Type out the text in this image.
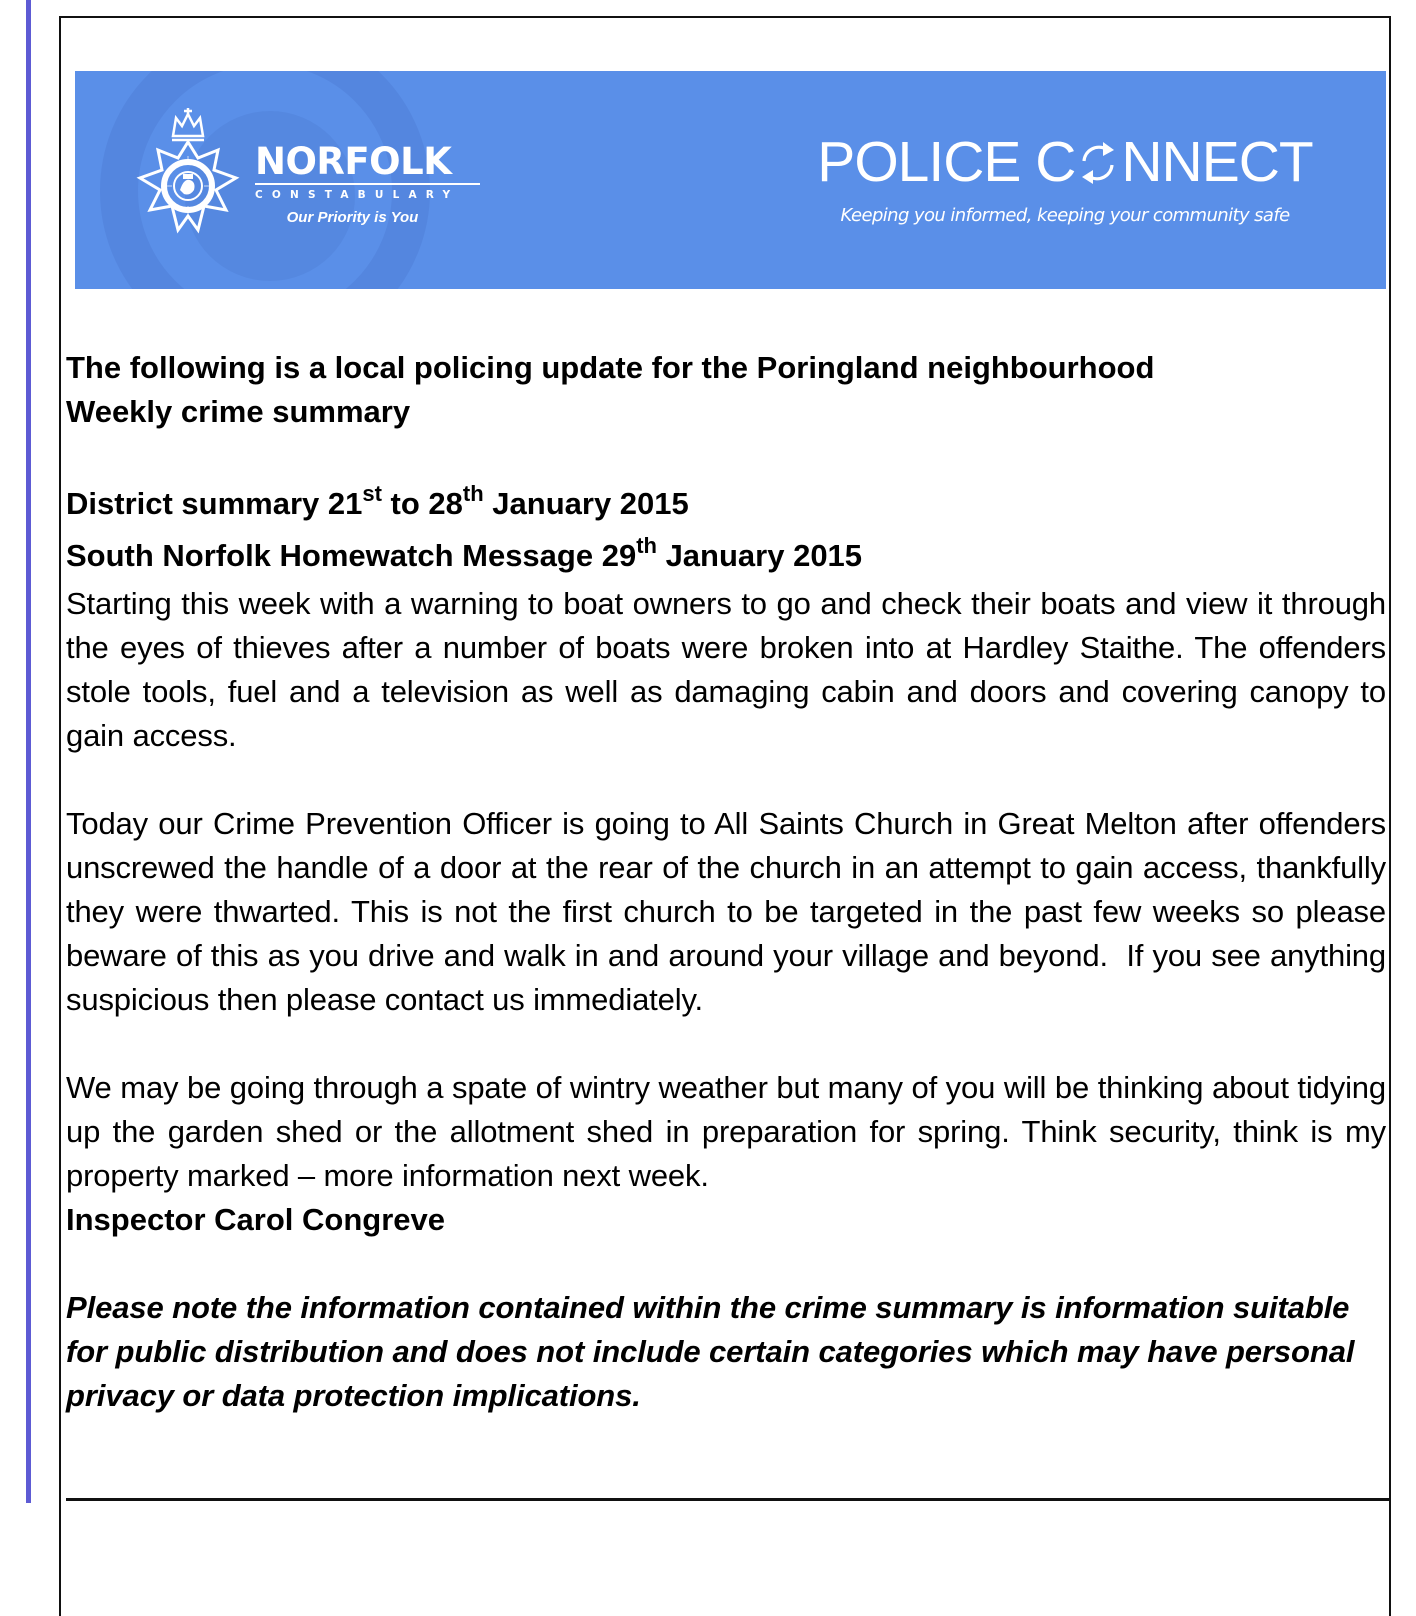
NORFOLK
CONSTABULARY
Our Priority is You
POLICE C NNECT
Keeping you informed, keeping your community safe
The following is a local policing update for the Poringland neighbourhood
Weekly crime summary
District summary 21st to 28th January 2015
South Norfolk Homewatch Message 29th January 2015

Starting this week with a warning to boat owners to go and check their boats and view it through the eyes of thieves after a number of boats were broken into at Hardley Staithe. The offenders stole tools, fuel and a television as well as damaging cabin and doors and covering canopy to gain access.

Today our Crime Prevention Officer is going to All Saints Church in Great Melton after offenders unscrewed the handle of a door at the rear of the church in an attempt to gain access, thankfully they were thwarted. This is not the first church to be targeted in the past few weeks so please beware of this as you drive and walk in and around your village and beyond.  If you see anything suspicious then please contact us immediately.

We may be going through a spate of wintry weather but many of you will be thinking about tidying up the garden shed or the allotment shed in preparation for spring. Think security, think is my property marked – more information next week.

Inspector Carol Congreve
Please note the information contained within the crime summary is information suitable for public distribution and does not include certain categories which may have personal privacy or data protection implications.
